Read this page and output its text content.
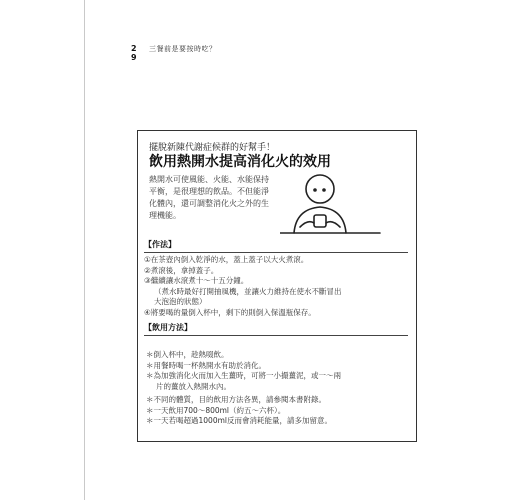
2
9
三餐前是要按時吃？
擺脫新陳代謝症候群的好幫手！
飲用熱開水提高消化火的效用

熱開水可使風能、火能、水能保持

平衡，是很理想的飲品。不但能淨

化體內，還可調整消化火之外的生

理機能。

【作法】
①在茶壺內倒入乾淨的水，蓋上蓋子以大火煮滾。
②煮滾後，拿掉蓋子。
③繼續讓水滾煮十～十五分鐘。
（煮水時最好打開抽風機，並讓火力維持在使水不斷冒出
大泡泡的狀態）
④將要喝的量倒入杯中，剩下的則倒入保溫瓶保存。
【飲用方法】
＊倒入杯中，趁熱啜飲。
＊用餐時喝一杯熱開水有助於消化。
＊為加強消化火而加入生薑時，可將一小撮薑泥，或一～兩
片的薑放入熱開水內。
＊不同的體質，目的飲用方法各異，請參閱本書附錄。
＊一天飲用700～800ml（約五～六杯）。
＊一天若喝超過1000ml反而會消耗能量，請多加留意。
